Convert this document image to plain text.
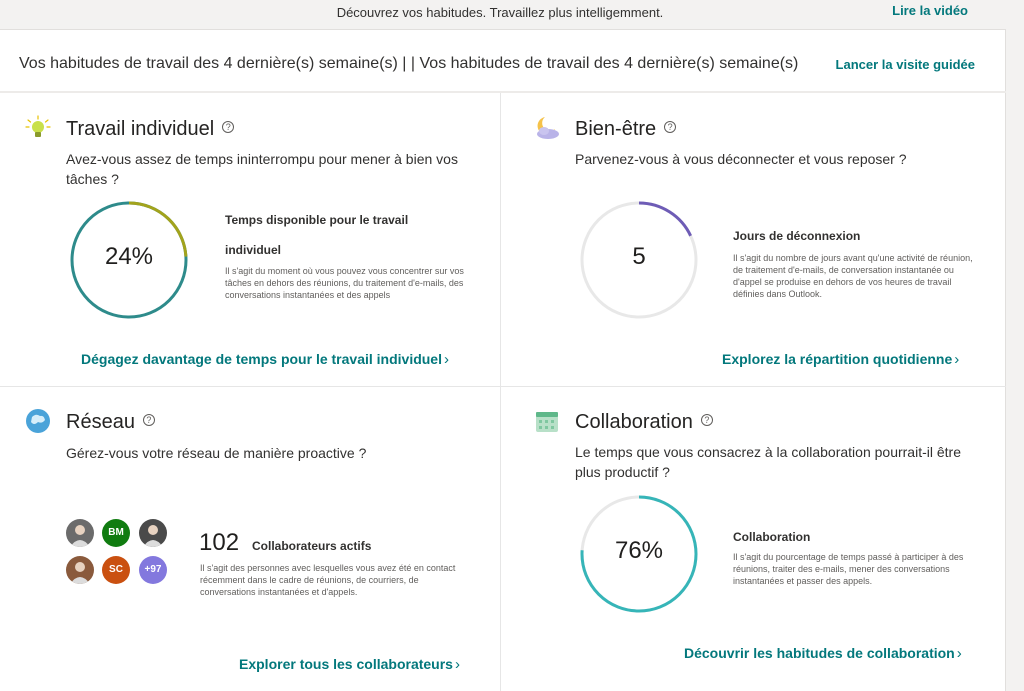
Découvrez vos habitudes. Travaillez plus intelligemment.	Lire la vidéo
Vos habitudes de travail des 4 dernière(s) semaine(s) | | Vos habitudes de travail des 4 dernière(s) semaine(s)	Lancer la visite guidée
Travail individuel ?
Avez-vous assez de temps ininterrompu pour mener à bien vos tâches ?
24%
Temps disponible pour le travail individuel
Il s'agit du moment où vous pouvez vous concentrer sur vos tâches en dehors des réunions, du traitement d'e-mails, des conversations instantanées et des appels
Dégagez davantage de temps pour le travail individuel ›
Bien-être ?
Parvenez-vous à vous déconnecter et vous reposer ?
5
Jours de déconnexion
Il s'agit du nombre de jours avant qu'une activité de réunion, de traitement d'e-mails, de conversation instantanée ou d'appel se produise en dehors de vos heures de travail définies dans Outlook.
Explorez la répartition quotidienne ›
Réseau ?
Gérez-vous votre réseau de manière proactive ?
BM
SC	+97
102 Collaborateurs actifs
Il s'agit des personnes avec lesquelles vous avez été en contact récemment dans le cadre de réunions, de courriers, de conversations instantanées et d'appels.
Explorer tous les collaborateurs ›
Collaboration ?
Le temps que vous consacrez à la collaboration pourrait-il être plus productif ?
76%	Collaboration
Il s'agit du pourcentage de temps passé à participer à des réunions, traiter des e-mails, mener des conversations instantanées et passer des appels.
Découvrir les habitudes de collaboration ›
